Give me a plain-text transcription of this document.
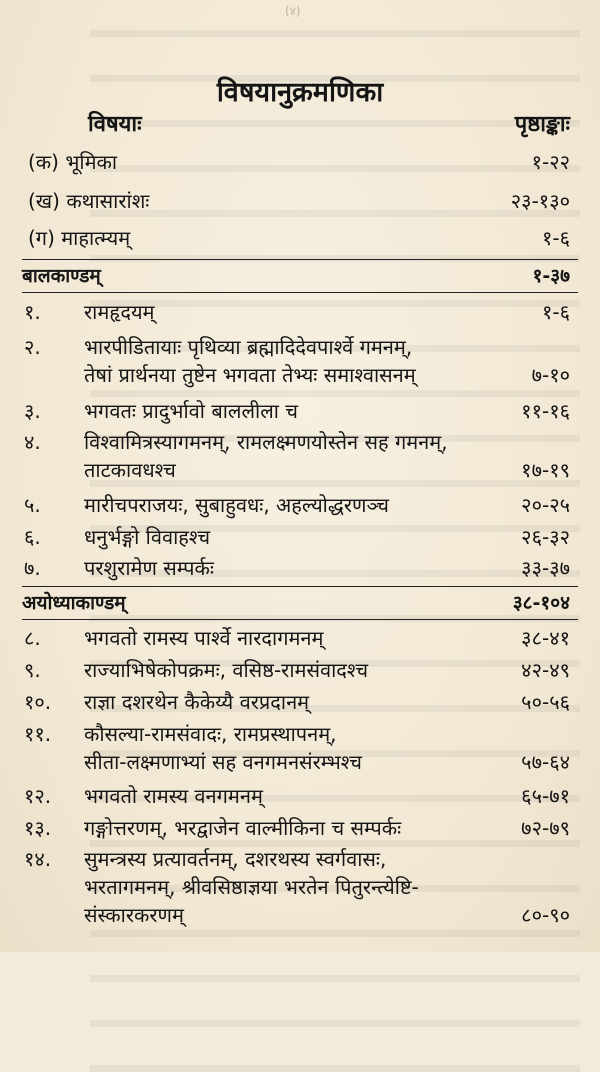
(४)
विषयानुक्रमणिका
विषयाः	पृष्ठाङ्काः
(क) भूमिका	१-२२
(ख) कथासारांशः	२३-१३०
(ग) माहात्म्यम्	१-६
बालकाण्डम्	१-३७
१. रामहृदयम्	१-६
२. भारपीडितायाः पृथिव्या ब्रह्मादिदेवपार्श्वे गमनम्,
तेषां प्रार्थनया तुष्टेन भगवता तेभ्यः समाश्वासनम्	७-१०
३. भगवतः प्रादुर्भावो बाललीला च	११-१६
४. विश्वामित्रस्यागमनम्, रामलक्ष्मणयोस्तेन सह गमनम्,
ताटकावधश्च	१७-१९
५. मारीचपराजयः, सुबाहुवधः, अहल्योद्धरणञ्च	२०-२५
६. धनुर्भङ्गो विवाहश्च	२६-३२
७. परशुरामेण सम्पर्कः	३३-३७
अयोध्याकाण्डम्	३८-१०४
८. भगवतो रामस्य पार्श्वे नारदागमनम्	३८-४१
९. राज्याभिषेकोपक्रमः, वसिष्ठ-रामसंवादश्च	४२-४९
१०. राज्ञा दशरथेन कैकेय्यै वरप्रदानम्	५०-५६
११. कौसल्या-रामसंवादः, रामप्रस्थापनम्,
सीता-लक्ष्मणाभ्यां सह वनगमनसंरम्भश्च	५७-६४
१२. भगवतो रामस्य वनगमनम्	६५-७१
१३. गङ्गोत्तरणम्, भरद्वाजेन वाल्मीकिना च सम्पर्कः	७२-७९
१४. सुमन्त्रस्य प्रत्यावर्तनम्, दशरथस्य स्वर्गवासः,
भरतागमनम्, श्रीवसिष्ठाज्ञया भरतेन पितुरन्त्येष्टि-
संस्कारकरणम्	८०-९०
